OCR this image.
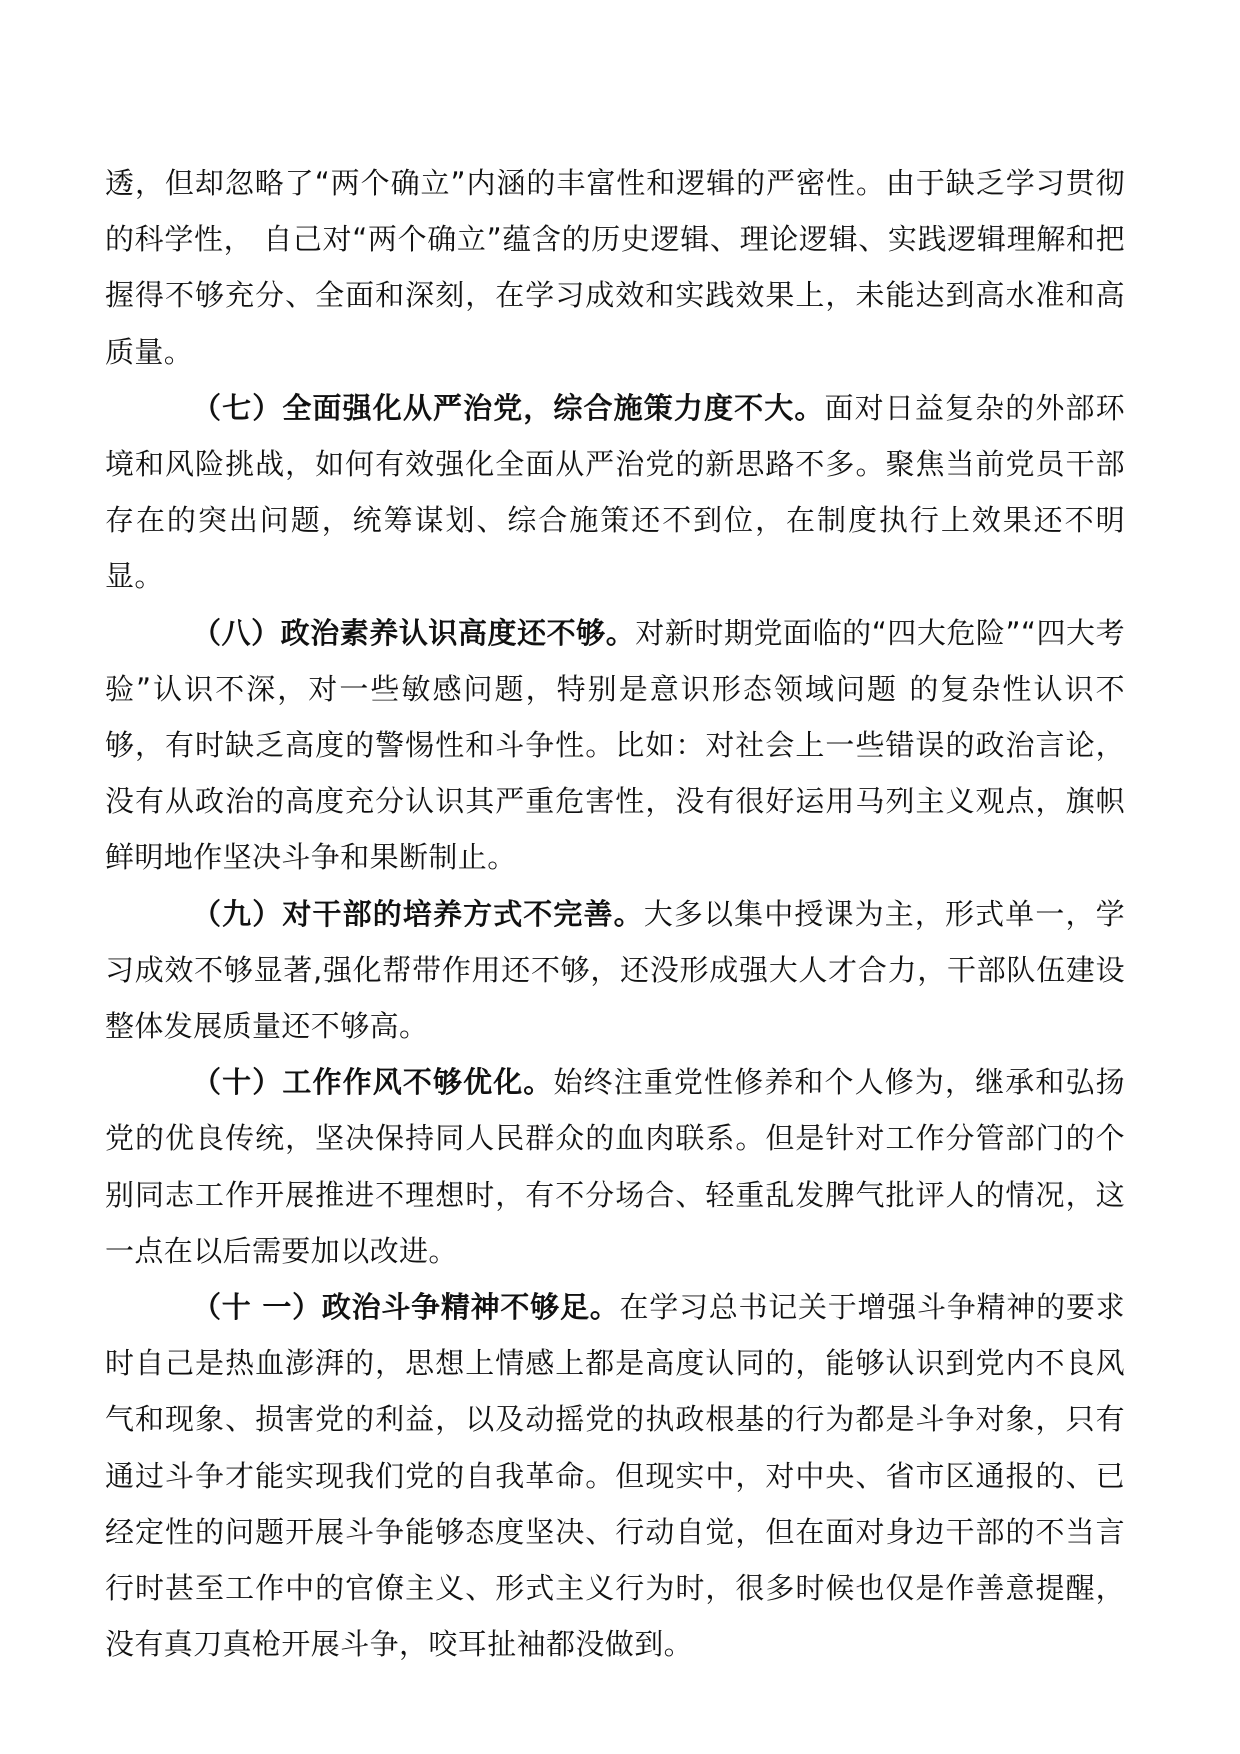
透，但却忽略了“两个确立”内涵的丰富性和逻辑的严密性。由于缺乏学习贯彻的科学性， 自己对“两个确立”蕴含的历史逻辑、理论逻辑、实践逻辑理解和把握得不够充分、全面和深刻，在学习成效和实践效果上，未能达到高水准和高质量。

（七）全面强化从严治党，综合施策力度不大。面对日益复杂的外部环境和风险挑战，如何有效强化全面从严治党的新思路不多。聚焦当前党员干部存在的突出问题，统筹谋划、综合施策还不到位，在制度执行上效果还不明显。

（八）政治素养认识高度还不够。对新时期党面临的“四大危险”“四大考验”认识不深，对一些敏感问题，特别是意识形态领域问题 的复杂性认识不够，有时缺乏高度的警惕性和斗争性。比如：对社会上一些错误的政治言论，没有从政治的高度充分认识其严重危害性，没有很好运用马列主义观点，旗帜鲜明地作坚决斗争和果断制止。

（九）对干部的培养方式不完善。大多以集中授课为主，形式单一，学习成效不够显著,强化帮带作用还不够，还没形成强大人才合力，干部队伍建设整体发展质量还不够高。

（十）工作作风不够优化。始终注重党性修养和个人修为，继承和弘扬党的优良传统，坚决保持同人民群众的血肉联系。但是针对工作分管部门的个别同志工作开展推进不理想时，有不分场合、轻重乱发脾气批评人的情况，这一点在以后需要加以改进。

（十 一）政治斗争精神不够足。在学习总书记关于增强斗争精神的要求时自己是热血澎湃的，思想上情感上都是高度认同的，能够认识到党内不良风气和现象、损害党的利益，以及动摇党的执政根基的行为都是斗争对象，只有通过斗争才能实现我们党的自我革命。但现实中，对中央、省市区通报的、已经定性的问题开展斗争能够态度坚决、行动自觉，但在面对身边干部的不当言行时甚至工作中的官僚主义、形式主义行为时，很多时候也仅是作善意提醒，没有真刀真枪开展斗争，咬耳扯袖都没做到。
